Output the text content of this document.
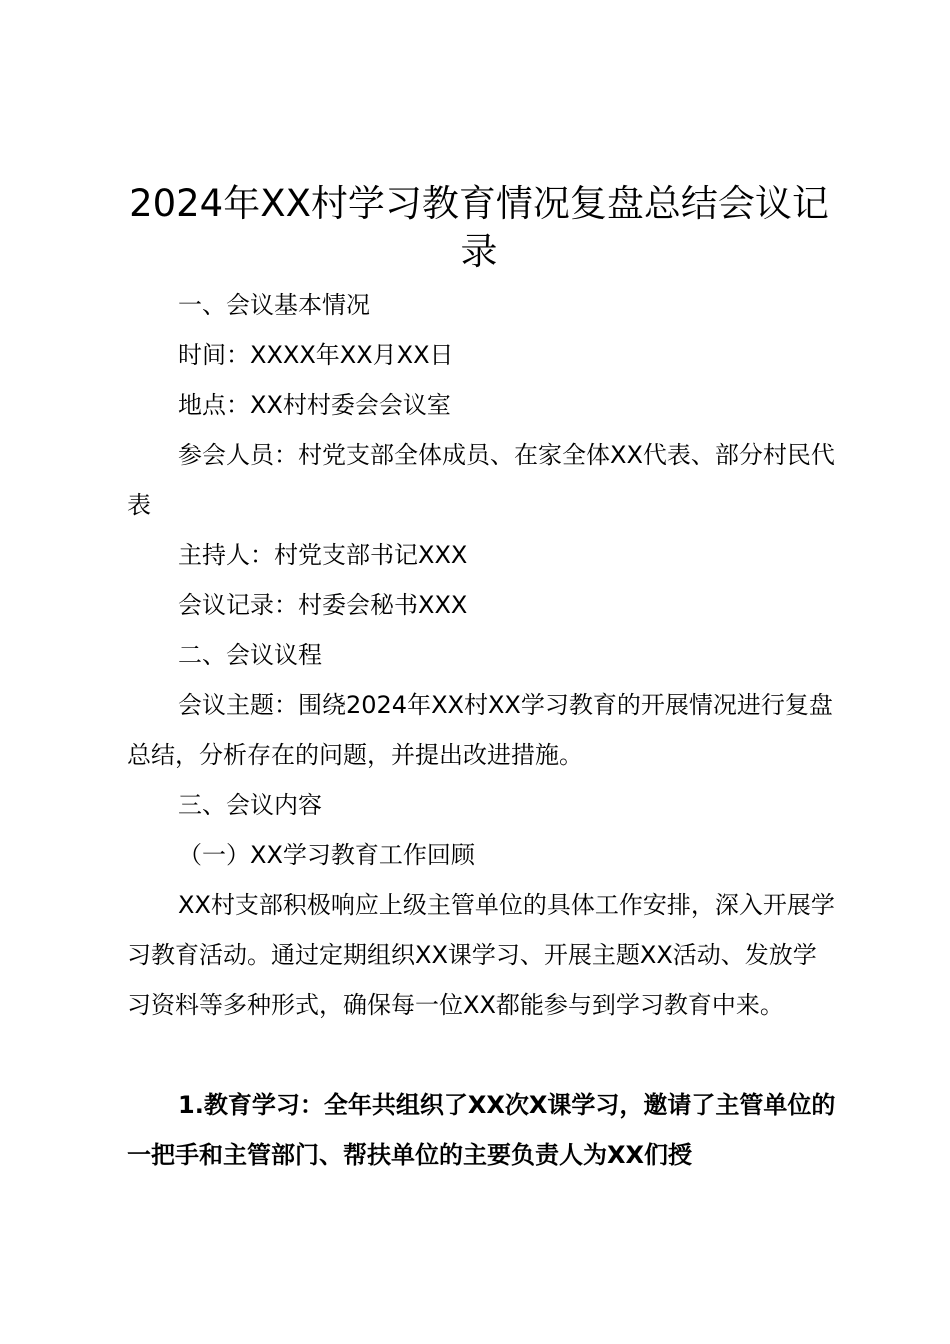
2024年XX村学习教育情况复盘总结会议记录

一、会议基本情况

时间：XXXX年XX月XX日

地点：XX村村委会会议室

参会人员：村党支部全体成员、在家全体XX代表、部分村民代表

主持人：村党支部书记XXX

会议记录：村委会秘书XXX

二、会议议程

会议主题：围绕2024年XX村XX学习教育的开展情况进行复盘总结，分析存在的问题，并提出改进措施。

三、会议内容

（一）XX学习教育工作回顾

XX村支部积极响应上级主管单位的具体工作安排，深入开展学习教育活动。通过定期组织XX课学习、开展主题XX活动、发放学习资料等多种形式，确保每一位XX都能参与到学习教育中来。

1.教育学习：全年共组织了XX次X课学习，邀请了主管单位的一把手和主管部门、帮扶单位的主要负责人为XX们授
